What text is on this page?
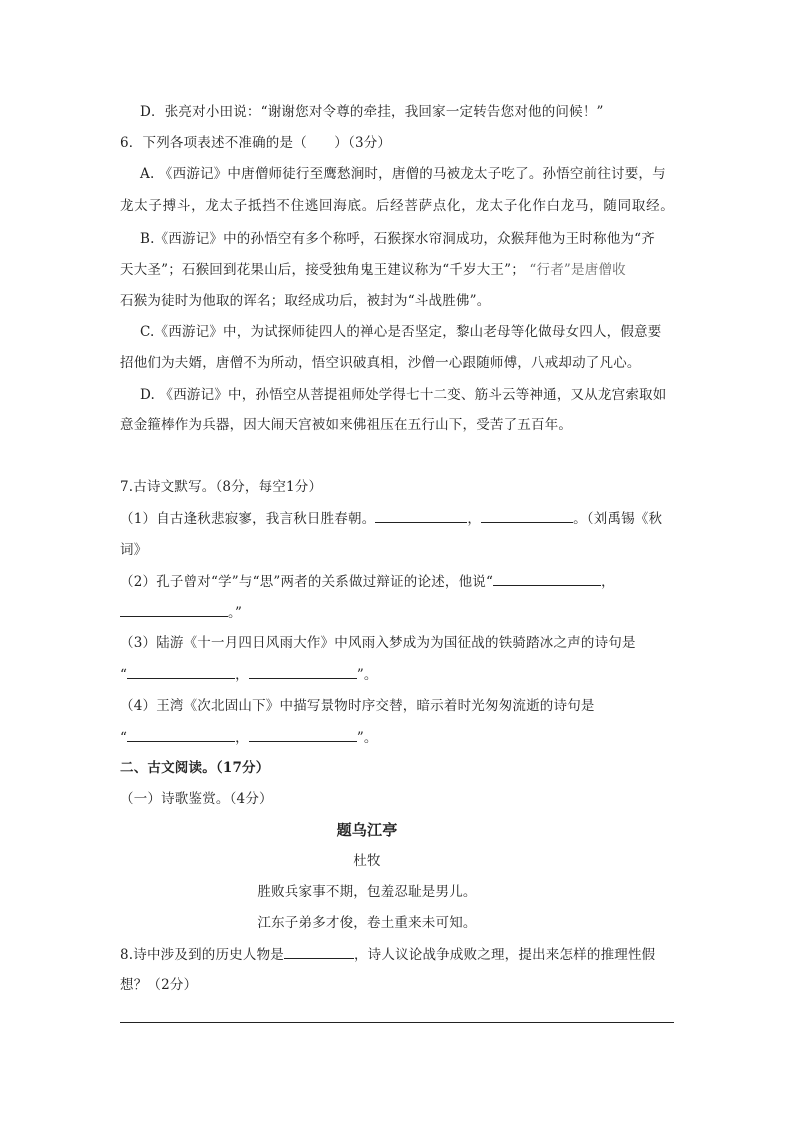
D．张亮对小田说：“谢谢您对令尊的牵挂，我回家一定转告您对他的问候！”
6．下列各项表述不准确的是（　　）（3分）
A. 《西游记》中唐僧师徒行至鹰愁涧时，唐僧的马被龙太子吃了。孙悟空前往讨要，与
龙太子搏斗，龙太子抵挡不住逃回海底。后经菩萨点化，龙太子化作白龙马，随同取经。
B.《西游记》中的孙悟空有多个称呼，石猴探水帘洞成功，众猴拜他为王时称他为“齐
天大圣”；石猴回到花果山后，接受独角鬼王建议称为“千岁大王”； “行者”是唐僧收
石猴为徒时为他取的诨名；取经成功后，被封为“斗战胜佛”。
C.《西游记》中，为试探师徒四人的禅心是否坚定，黎山老母等化做母女四人，假意要
招他们为夫婿，唐僧不为所动，悟空识破真相，沙僧一心跟随师傅，八戒却动了凡心。
D. 《西游记》中，孙悟空从菩提祖师处学得七十二变、筋斗云等神通，又从龙宫索取如
意金箍棒作为兵器，因大闹天宫被如来佛祖压在五行山下，受苦了五百年。
7.古诗文默写。（8分，每空1分）
（1）自古逢秋悲寂寥，我言秋日胜春朝。	，	。（刘禹锡《秋
词》
（2）孔子曾对“学”与“思”两者的关系做过辩证的论述，他说“	，
。”
（3）陆游《十一月四日风雨大作》中风雨入梦成为为国征战的铁骑踏冰之声的诗句是
“	，	”。
（4）王湾《次北固山下》中描写景物时序交替，暗示着时光匆匆流逝的诗句是
“	，	”。
二、古文阅读。（17分）
（一）诗歌鉴赏。（4分）
题乌江亭
杜牧
胜败兵家事不期，包羞忍耻是男儿。
江东子弟多才俊，卷土重来未可知。
8.诗中涉及到的历史人物是	，诗人议论战争成败之理，提出来怎样的推理性假
想？（2分）
